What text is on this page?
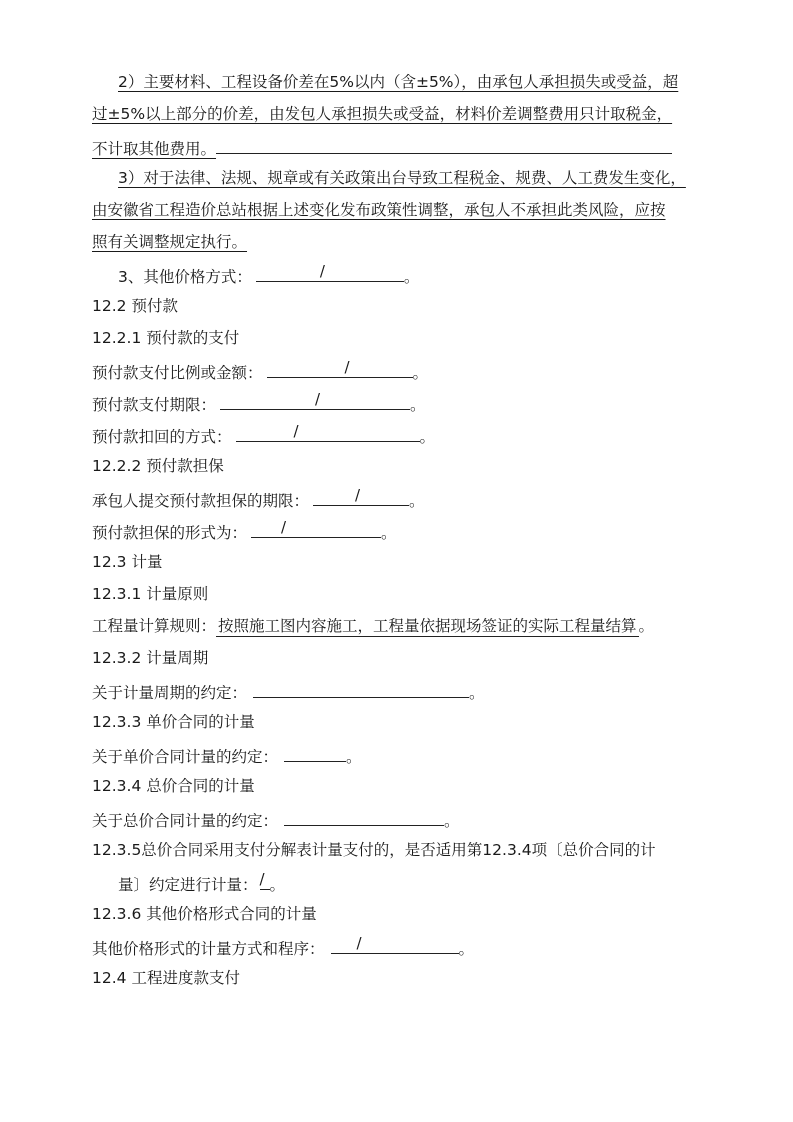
2）主要材料、工程设备价差在5%以内（含±5%），由承包人承担损失或受益，超
过±5%以上部分的价差，由发包人承担损失或受益，材料价差调整费用只计取税金，
不计取其他费用。
3）对于法律、法规、规章或有关政策出台导致工程税金、规费、人工费发生变化，
由安徽省工程造价总站根据上述变化发布政策性调整，承包人不承担此类风险，应按
照有关调整规定执行。
3、其他价格方式：	/	。
12.2 预付款
12.2.1 预付款的支付
预付款支付比例或金额：	/	。
预付款支付期限：	/	。
预付款扣回的方式：	/	。
12.2.2 预付款担保
承包人提交预付款担保的期限：	/	。
预付款担保的形式为： /	。
12.3 计量
12.3.1 计量原则
工程量计算规则： 按照施工图内容施工，工程量依据现场签证的实际工程量结算 。
12.3.2 计量周期
关于计量周期的约定：	。
12.3.3 单价合同的计量
关于单价合同计量的约定：	。
12.3.4 总价合同的计量
关于总价合同计量的约定：	。
12.3.5总价合同采用支付分解表计量支付的，是否适用第12.3.4项〔总价合同的计
量〕约定进行计量： / 。
12.3.6 其他价格形式合同的计量
其他价格形式的计量方式和程序： /	。
12.4 工程进度款支付
